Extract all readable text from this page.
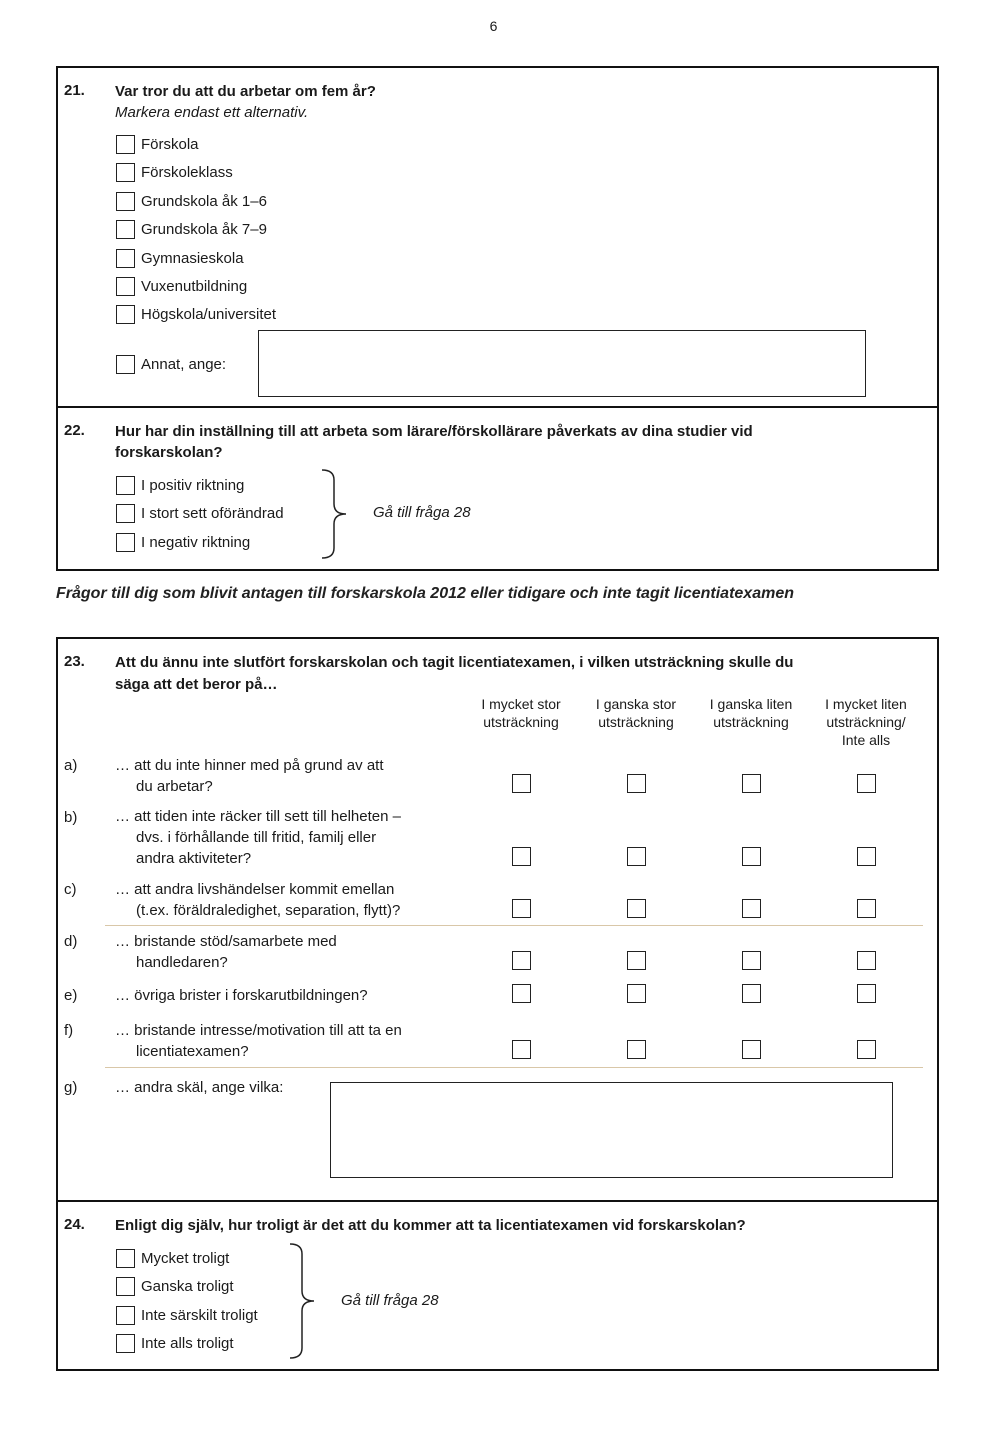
6
21. Var tror du att du arbetar om fem år?
Markera endast ett alternativ.
Förskola
Förskoleklass
Grundskola åk 1–6
Grundskola åk 7–9
Gymnasieskola
Vuxenutbildning
Högskola/universitet
Annat, ange:
22. Hur har din inställning till att arbeta som lärare/förskollärare påverkats av dina studier vid
forskarskolan?
I positiv riktning
I stort sett oförändrad
I negativ riktning
Gå till fråga 28
Frågor till dig som blivit antagen till forskarskola 2012 eller tidigare och inte tagit licentiatexamen
23. Att du ännu inte slutfört forskarskolan och tagit licentiatexamen, i vilken utsträckning skulle du
säga att det beror på…
I mycket stor
utsträckning
I ganska stor
utsträckning
I ganska liten
utsträckning
I mycket liten
utsträckning/
Inte alls
a)	… att du inte hinner med på grund av att
du arbetar?
b)	… att tiden inte räcker till sett till helheten –
dvs. i förhållande till fritid, familj eller
andra aktiviteter?
c)	… att andra livshändelser kommit emellan
(t.ex. föräldraledighet, separation, flytt)?
d)	… bristande stöd/samarbete med
handledaren?
e)	… övriga brister i forskarutbildningen?
f)	… bristande intresse/motivation till att ta en
licentiatexamen?
g)	… andra skäl, ange vilka:
24. Enligt dig själv, hur troligt är det att du kommer att ta licentiatexamen vid forskarskolan?
Mycket troligt
Ganska troligt
Inte särskilt troligt
Inte alls troligt
Gå till fråga 28
